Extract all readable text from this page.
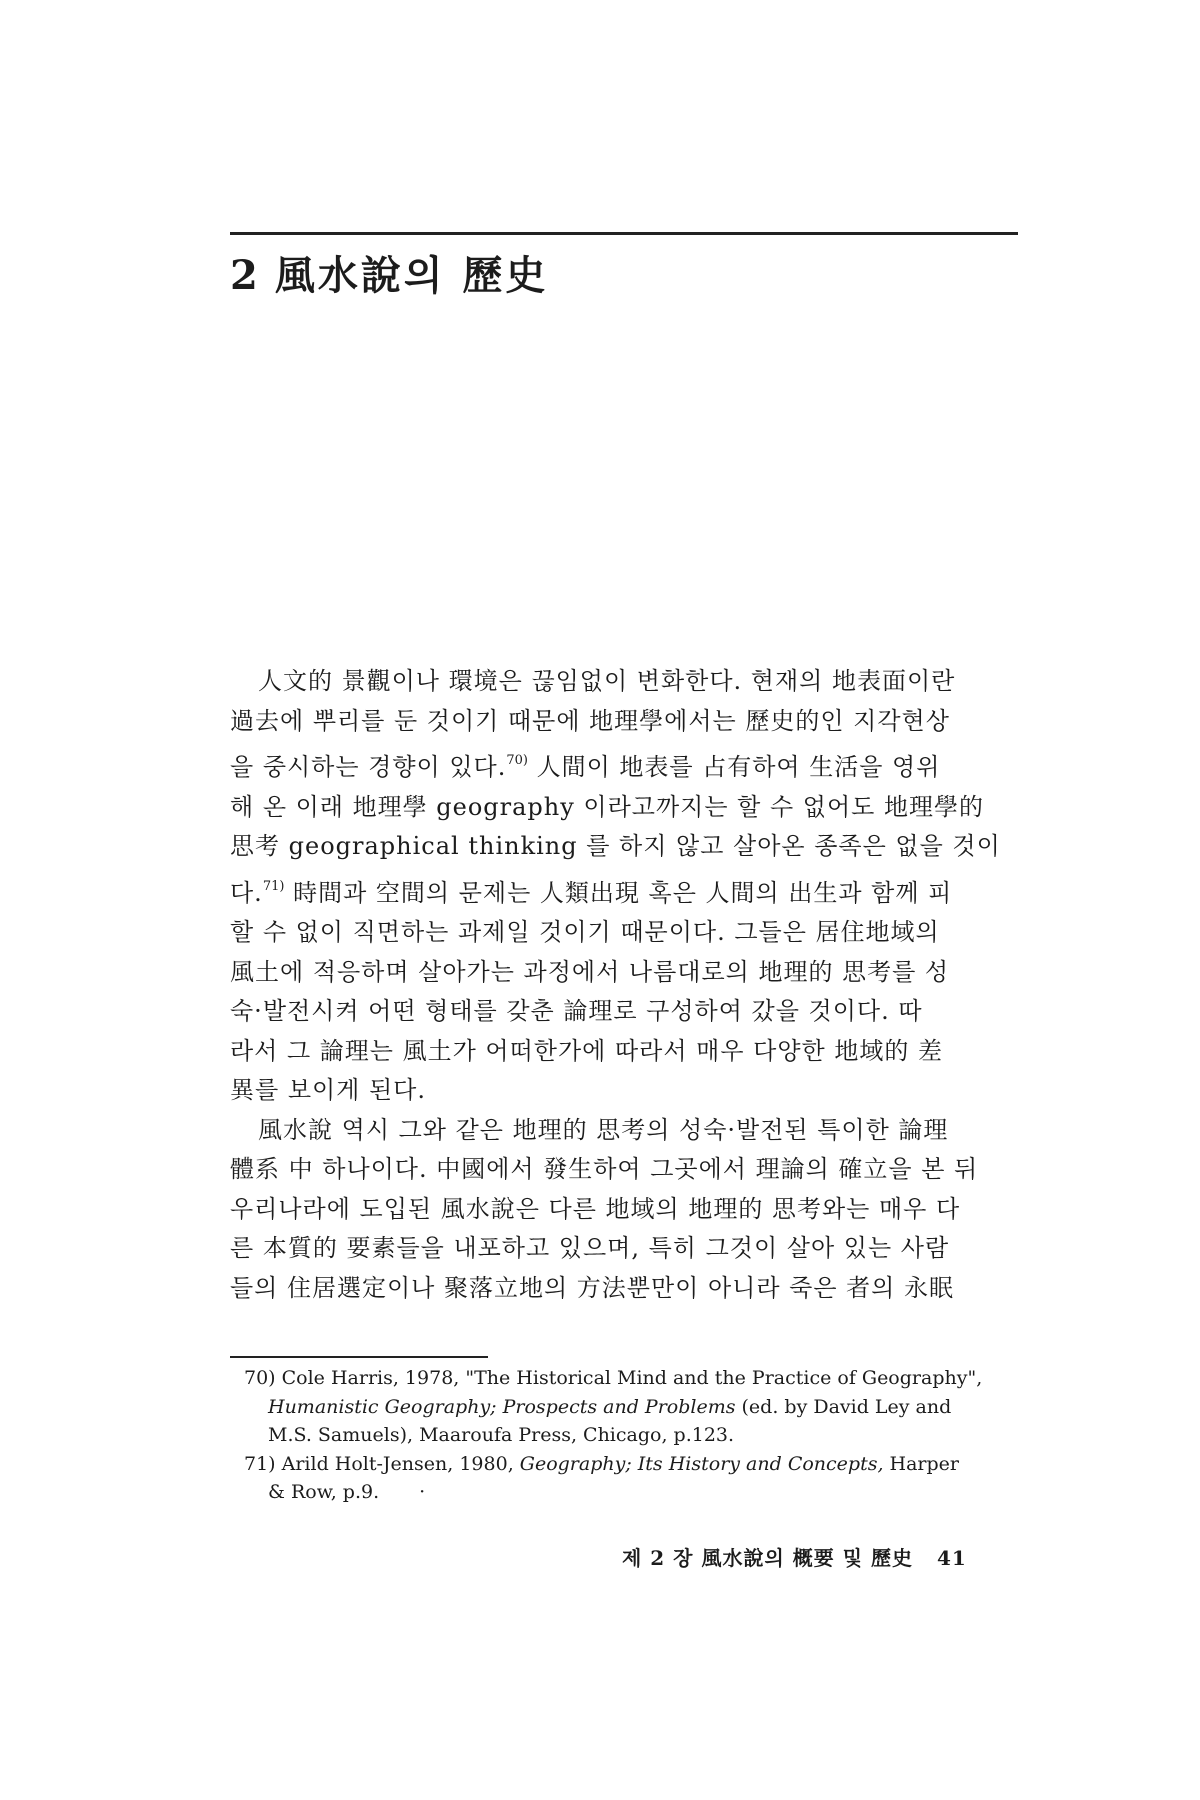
2 風水說의 歷史
人文的 景觀이나 環境은 끊임없이 변화한다. 현재의 地表面이란
過去에 뿌리를 둔 것이기 때문에 地理學에서는 歷史的인 지각현상
을 중시하는 경향이 있다.$^{70)}$ 人間이 地表를 占有하여 生活을 영위
해 온 이래 地理學 geography 이라고까지는 할 수 없어도 地理學的
思考 geographical thinking 를 하지 않고 살아온 종족은 없을 것이
다.$^{71)}$ 時間과 空間의 문제는 人類出現 혹은 人間의 出生과 함께 피
할 수 없이 직면하는 과제일 것이기 때문이다. 그들은 居住地域의
風土에 적응하며 살아가는 과정에서 나름대로의 地理的 思考를 성
숙·발전시켜 어떤 형태를 갖춘 論理로 구성하여 갔을 것이다. 따
라서 그 論理는 風土가 어떠한가에 따라서 매우 다양한 地域的 差
異를 보이게 된다.
風水說 역시 그와 같은 地理的 思考의 성숙·발전된 특이한 論理
體系 中 하나이다. 中國에서 發生하여 그곳에서 理論의 確立을 본 뒤
우리나라에 도입된 風水說은 다른 地域의 地理的 思考와는 매우 다
른 本質的 要素들을 내포하고 있으며, 특히 그것이 살아 있는 사람
들의 住居選定이나 聚落立地의 方法뿐만이 아니라 죽은 者의 永眠
70) Cole Harris, 1978, "The Historical Mind and the Practice of Geography",
Humanistic Geography; Prospects and Problems (ed. by David Ley and
M.S. Samuels), Maaroufa Press, Chicago, p.123.
71) Arild Holt-Jensen, 1980, Geography; Its History and Concepts, Harper
& Row, p.9. ·
제 2 장 風水說의 概要 및 歷史 41
